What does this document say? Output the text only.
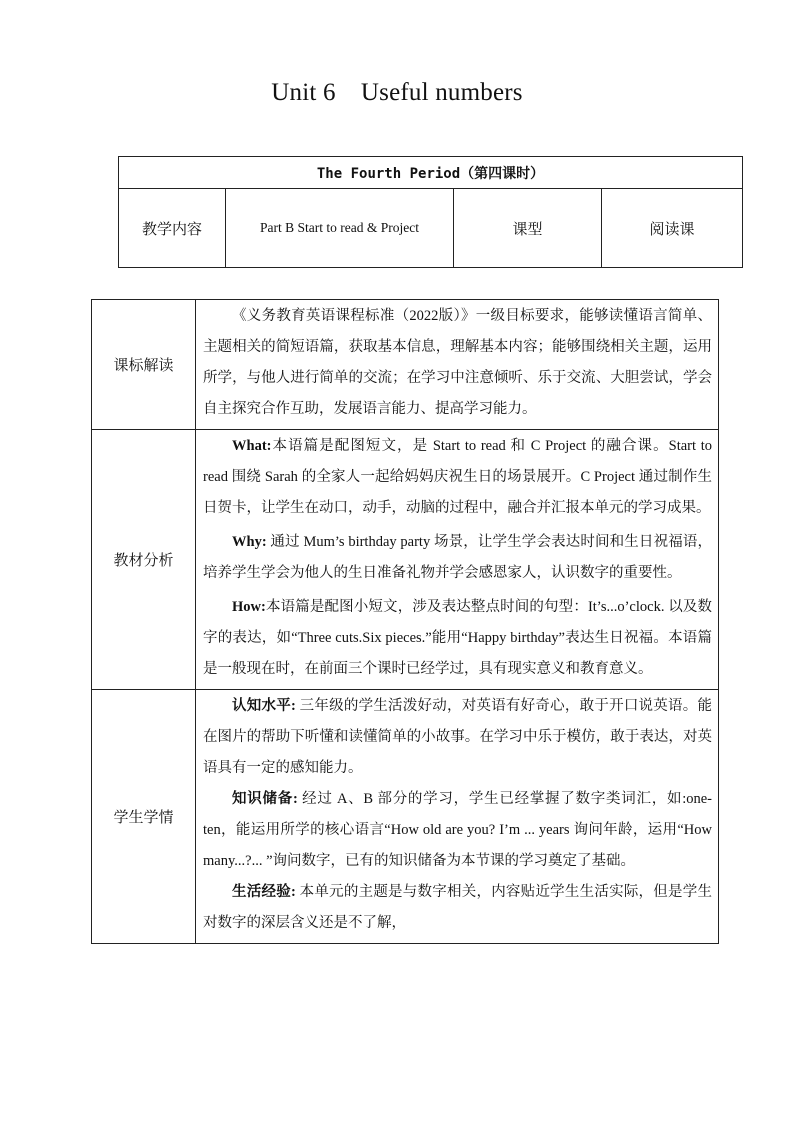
Unit 6　Useful numbers
The Fourth Period（第四课时）
教学内容	Part B Start to read & Project	课型	阅读课
课标解读	《义务教育英语课程标准（2022版）》一级目标要求，能够读懂语言简单、主题相关的简短语篇，获取基本信息，理解基本内容；能够围绕相关主题，运用所学，与他人进行简单的交流；在学习中注意倾听、乐于交流、大胆尝试，学会自主探究合作互助，发展语言能力、提高学习能力。

教材分析	What:本语篇是配图短文，是 Start to read 和 C Project 的融合课。Start to read 围绕 Sarah 的全家人一起给妈妈庆祝生日的场景展开。C Project 通过制作生日贺卡，让学生在动口，动手，动脑的过程中，融合并汇报本单元的学习成果。

Why: 通过 Mum’s birthday party 场景，让学生学会表达时间和生日祝福语，培养学生学会为他人的生日准备礼物并学会感恩家人，认识数字的重要性。

How:本语篇是配图小短文，涉及表达整点时间的句型：It’s...o’clock. 以及数字的表达，如“Three cuts.Six pieces.”能用“Happy birthday”表达生日祝福。本语篇是一般现在时，在前面三个课时已经学过，具有现实意义和教育意义。

学生学情	认知水平: 三年级的学生活泼好动，对英语有好奇心，敢于开口说英语。能在图片的帮助下听懂和读懂简单的小故事。在学习中乐于模仿，敢于表达，对英语具有一定的感知能力。

知识储备: 经过 A、B 部分的学习，学生已经掌握了数字类词汇，如:one-ten，能运用所学的核心语言“How old are you? I’m ... years 询问年龄，运用“How many...?... ”询问数字，已有的知识储备为本节课的学习奠定了基础。

生活经验: 本单元的主题是与数字相关，内容贴近学生生活实际，但是学生对数字的深层含义还是不了解，
